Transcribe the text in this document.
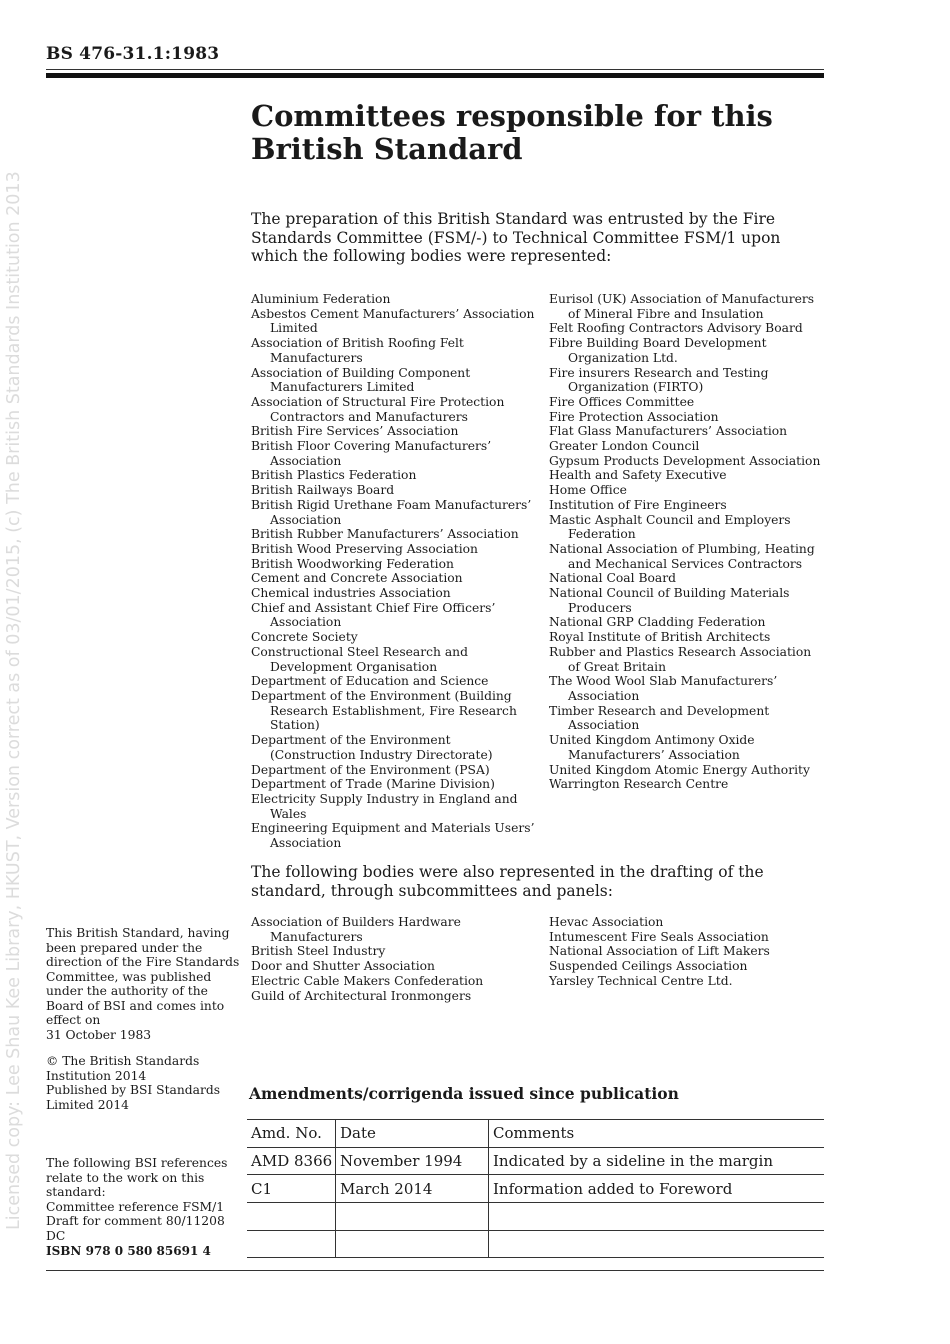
BS 476-31.1:1983
Licensed copy: Lee Shau Kee Library, HKUST, Version correct as of 03/01/2015, (c) The British Standards Institution 2013
Committees responsible for this
British Standard
The preparation of this British Standard was entrusted by the Fire Standards Committee (FSM/-) to Technical Committee FSM/1 upon which the following bodies were represented:
Aluminium Federation
Asbestos Cement Manufacturers’ Association Limited
Association of British Roofing Felt Manufacturers
Association of Building Component Manufacturers Limited
Association of Structural Fire Protection Contractors and Manufacturers
British Fire Services’ Association
British Floor Covering Manufacturers’ Association
British Plastics Federation
British Railways Board
British Rigid Urethane Foam Manufacturers’ Association
British Rubber Manufacturers’ Association
British Wood Preserving Association
British Woodworking Federation
Cement and Concrete Association
Chemical industries Association
Chief and Assistant Chief Fire Officers’ Association
Concrete Society
Constructional Steel Research and Development Organisation
Department of Education and Science
Department of the Environment (Building Research Establishment, Fire Research Station)
Department of the Environment (Construction Industry Directorate)
Department of the Environment (PSA)
Department of Trade (Marine Division)
Electricity Supply Industry in England and Wales
Engineering Equipment and Materials Users’ Association
Eurisol (UK) Association of Manufacturers of Mineral Fibre and Insulation
Felt Roofing Contractors Advisory Board
Fibre Building Board Development Organization Ltd.
Fire insurers Research and Testing Organization (FIRTO)
Fire Offices Committee
Fire Protection Association
Flat Glass Manufacturers’ Association
Greater London Council
Gypsum Products Development Association
Health and Safety Executive
Home Office
Institution of Fire Engineers
Mastic Asphalt Council and Employers Federation
National Association of Plumbing, Heating and Mechanical Services Contractors
National Coal Board
National Council of Building Materials Producers
National GRP Cladding Federation
Royal Institute of British Architects
Rubber and Plastics Research Association of Great Britain
The Wood Wool Slab Manufacturers’ Association
Timber Research and Development Association
United Kingdom Antimony Oxide Manufacturers’ Association
United Kingdom Atomic Energy Authority
Warrington Research Centre
The following bodies were also represented in the drafting of the standard, through subcommittees and panels:
Association of Builders Hardware Manufacturers
British Steel Industry
Door and Shutter Association
Electric Cable Makers Confederation
Guild of Architectural Ironmongers
Hevac Association
Intumescent Fire Seals Association
National Association of Lift Makers
Suspended Ceilings Association
Yarsley Technical Centre Ltd.
This British Standard, having been prepared under the direction of the Fire Standards Committee, was published under the authority of the Board of BSI and comes into effect on
31 October 1983
© The British Standards Institution 2014
Published by BSI Standards Limited 2014
The following BSI references relate to the work on this standard:
Committee reference FSM/1
Draft for comment 80/11208 DC
ISBN 978 0 580 85691 4
Amendments/corrigenda issued since publication
Amd. No.	Date	Comments
AMD 8366	November 1994	Indicated by a sideline in the margin
C1	March 2014	Information added to Foreword
